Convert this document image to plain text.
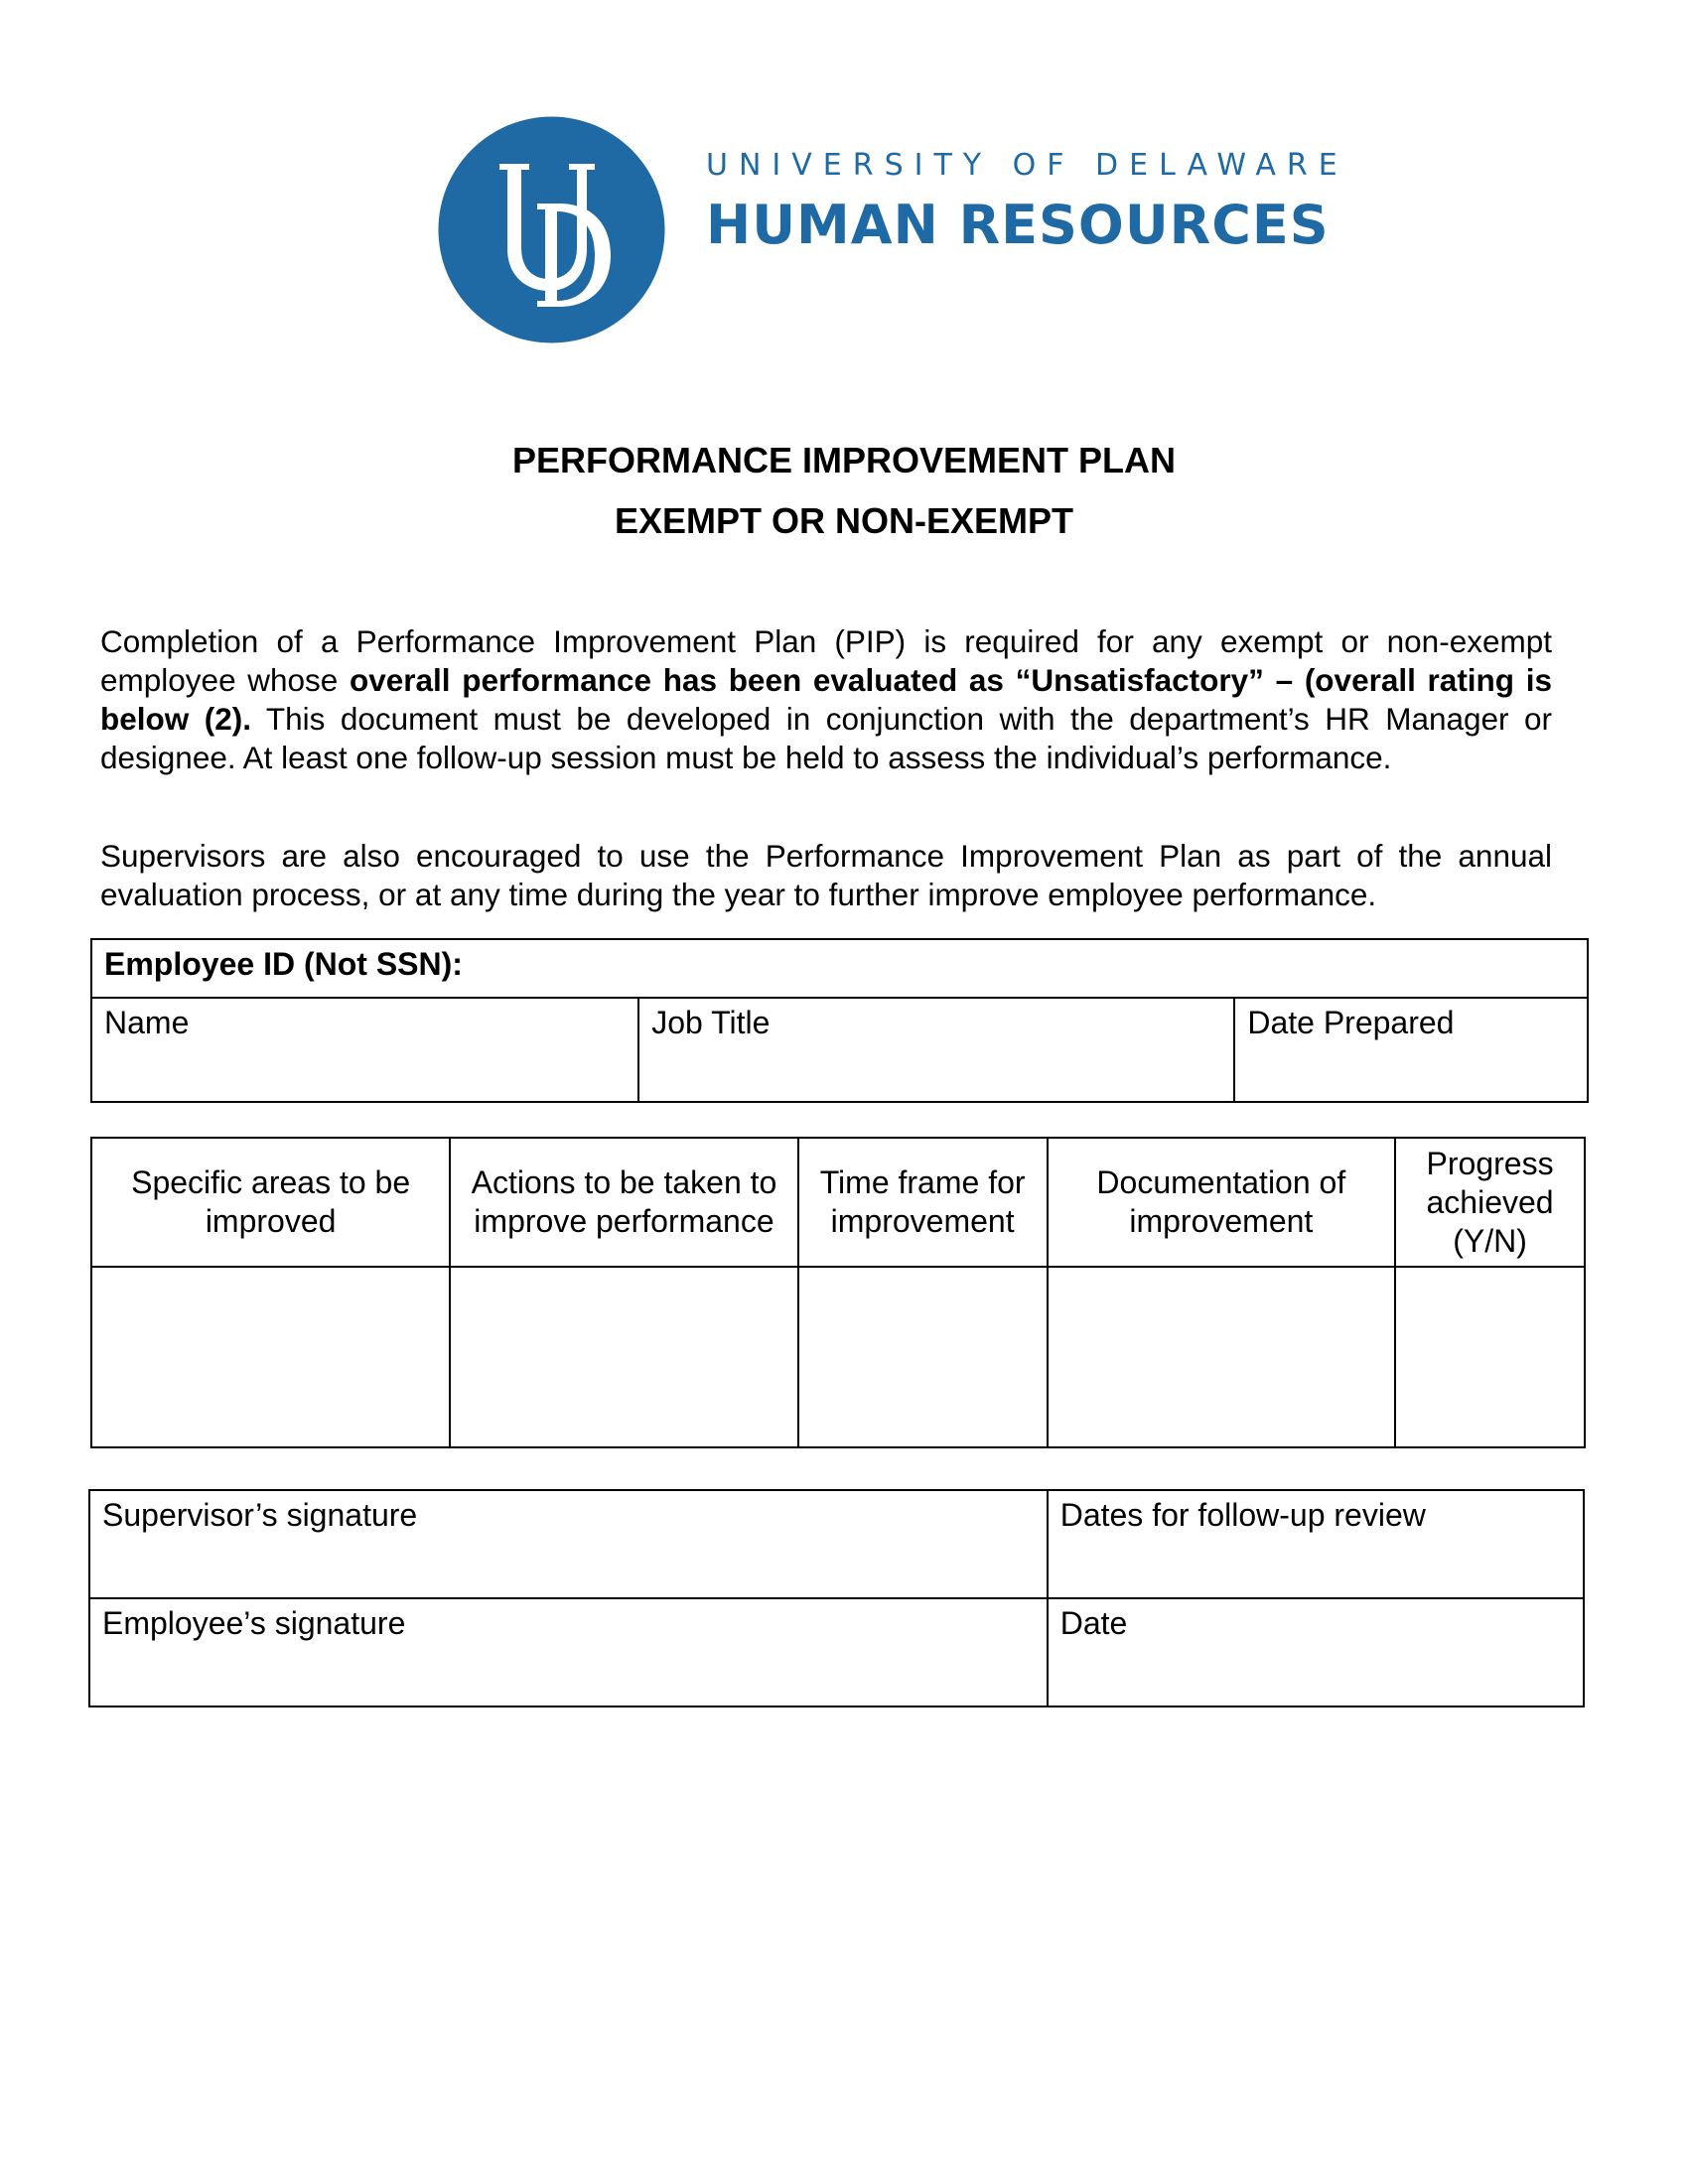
UNIVERSITY OF DELAWARE
HUMAN RESOURCES
PERFORMANCE IMPROVEMENT PLAN
EXEMPT OR NON-EXEMPT
Completion of a Performance Improvement Plan (PIP) is required for any exempt or non-exempt employee whose overall performance has been evaluated as “Unsatisfactory” – (overall rating is below (2). This document must be developed in conjunction with the department’s HR Manager or designee. At least one follow-up session must be held to assess the individual’s performance.
Supervisors are also encouraged to use the Performance Improvement Plan as part of the annual evaluation process, or at any time during the year to further improve employee performance.
Employee ID (Not SSN):
Name	Job Title	Date Prepared
Specific areas to be improved	Actions to be taken to improve performance	Time frame for improvement	Documentation of improvement	Progress achieved (Y/N)

Supervisor’s signature	Dates for follow-up review
Employee’s signature	Date
